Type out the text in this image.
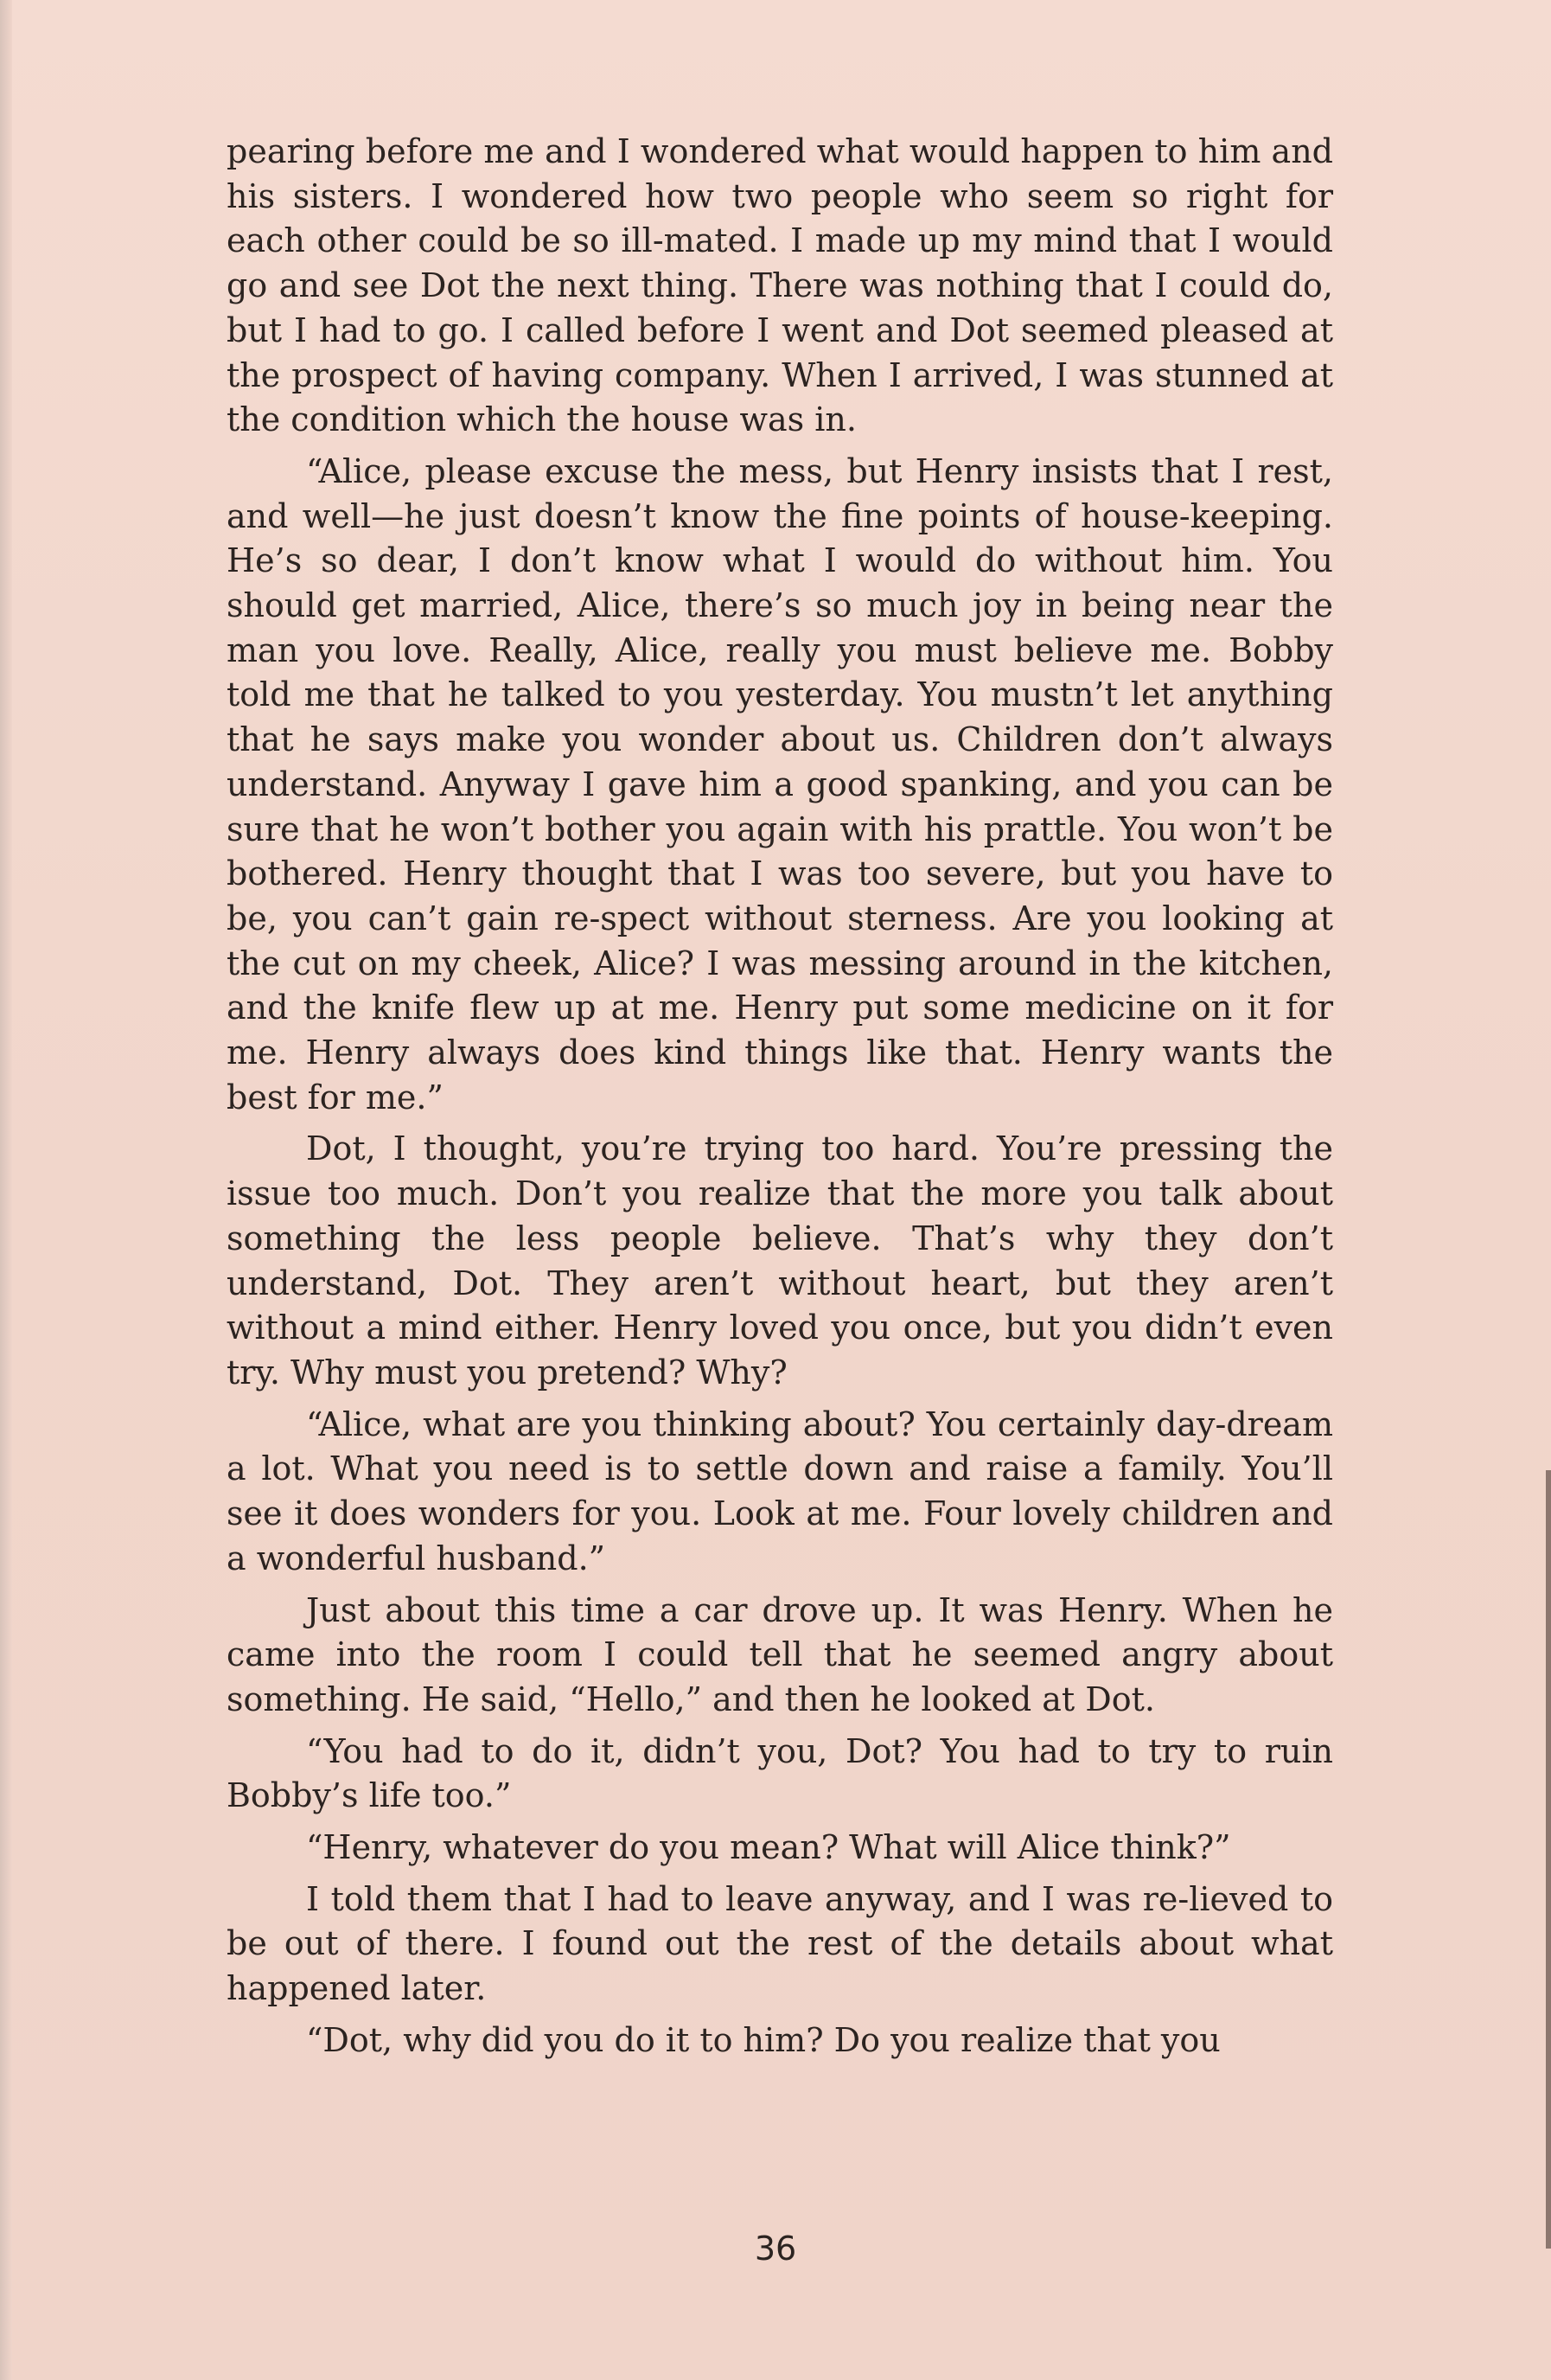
pearing before me and I wondered what would happen to him and his sisters. I wondered how two people who seem so right for each other could be so ill-mated. I made up my mind that I would go and see Dot the next thing. There was nothing that I could do, but I had to go. I called before I went and Dot seemed pleased at the prospect of having company. When I arrived, I was stunned at the condition which the house was in.

“Alice, please excuse the mess, but Henry insists that I rest, and well—he just doesn’t know the fine points of house-keeping. He’s so dear, I don’t know what I would do without him. You should get married, Alice, there’s so much joy in being near the man you love. Really, Alice, really you must believe me. Bobby told me that he talked to you yesterday. You mustn’t let anything that he says make you wonder about us. Children don’t always understand. Anyway I gave him a good spanking, and you can be sure that he won’t bother you again with his prattle. You won’t be bothered. Henry thought that I was too severe, but you have to be, you can’t gain re-spect without sterness. Are you looking at the cut on my cheek, Alice? I was messing around in the kitchen, and the knife flew up at me. Henry put some medicine on it for me. Henry always does kind things like that. Henry wants the best for me.”

Dot, I thought, you’re trying too hard. You’re pressing the issue too much. Don’t you realize that the more you talk about something the less people believe. That’s why they don’t understand, Dot. They aren’t without heart, but they aren’t without a mind either. Henry loved you once, but you didn’t even try. Why must you pretend? Why?

“Alice, what are you thinking about? You certainly day-dream a lot. What you need is to settle down and raise a family. You’ll see it does wonders for you. Look at me. Four lovely children and a wonderful husband.”

Just about this time a car drove up. It was Henry. When he came into the room I could tell that he seemed angry about something. He said, “Hello,” and then he looked at Dot.

“You had to do it, didn’t you, Dot? You had to try to ruin Bobby’s life too.”

“Henry, whatever do you mean? What will Alice think?”

I told them that I had to leave anyway, and I was re-lieved to be out of there. I found out the rest of the details about what happened later.

“Dot, why did you do it to him? Do you realize that you

36
